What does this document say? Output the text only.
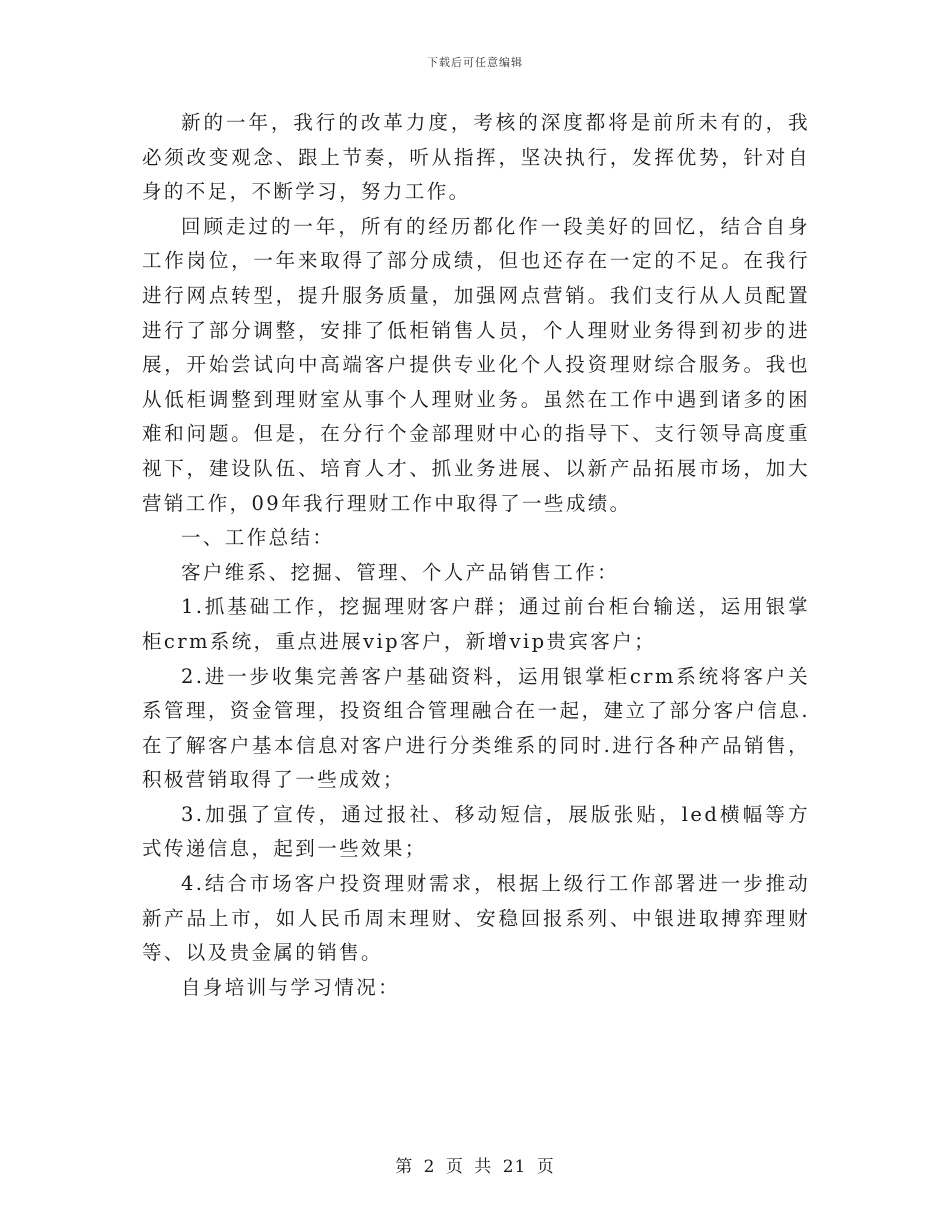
下载后可任意编辑

新的一年，我行的改革力度，考核的深度都将是前所未有的，我必须改变观念、跟上节奏，听从指挥，坚决执行，发挥优势，针对自身的不足，不断学习，努力工作。

回顾走过的一年，所有的经历都化作一段美好的回忆，结合自身工作岗位，一年来取得了部分成绩，但也还存在一定的不足。在我行进行网点转型，提升服务质量，加强网点营销。我们支行从人员配置进行了部分调整，安排了低柜销售人员，个人理财业务得到初步的进展，开始尝试向中高端客户提供专业化个人投资理财综合服务。我也从低柜调整到理财室从事个人理财业务。虽然在工作中遇到诸多的困难和问题。但是，在分行个金部理财中心的指导下、支行领导高度重视下，建设队伍、培育人才、抓业务进展、以新产品拓展市场，加大营销工作，09年我行理财工作中取得了一些成绩。

一、工作总结：

客户维系、挖掘、管理、个人产品销售工作：

1.抓基础工作，挖掘理财客户群；通过前台柜台输送，运用银掌柜crm系统，重点进展vip客户，新增vip贵宾客户；

2.进一步收集完善客户基础资料，运用银掌柜crm系统将客户关系管理，资金管理，投资组合管理融合在一起，建立了部分客户信息.在了解客户基本信息对客户进行分类维系的同时.进行各种产品销售，积极营销取得了一些成效；

3.加强了宣传，通过报社、移动短信，展版张贴，led横幅等方式传递信息，起到一些效果；

4.结合市场客户投资理财需求，根据上级行工作部署进一步推动新产品上市，如人民币周末理财、安稳回报系列、中银进取搏弈理财等、以及贵金属的销售。

自身培训与学习情况：

第 2 页 共 21 页
